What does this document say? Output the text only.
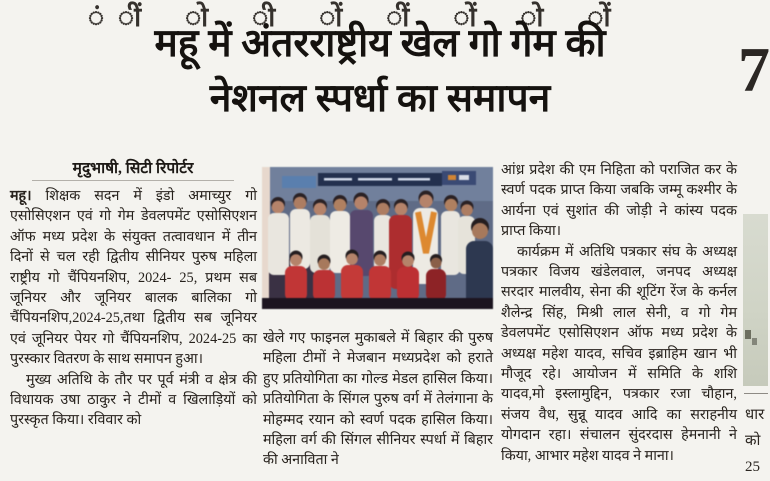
ं ीं ो ी ों ीं ों ो ों
7
महू में अंतरराष्ट्रीय खेल गो गेम की
नेशनल स्पर्धा का समापन
मृदुभाषी, सिटी रिपोर्टर

महू। शिक्षक सदन में इंडो अमाच्युर गो एसोसिएशन एवं गो गेम डेवलपमेंट एसोसिएशन ऑफ मध्य प्रदेश के संयुक्त तत्वावधान में तीन दिनों से चल रही द्वितीय सीनियर पुरुष महिला राष्ट्रीय गो चैंपियनशिप, 2024- 25, प्रथम सब जूनियर और जूनियर बालक बालिका गो चैंपियनशिप,2024-25,तथा द्वितीय सब जूनियर एवं जूनियर पेयर गो चैंपियनशिप, 2024-25 का पुरस्कार वितरण के साथ समापन हुआ।

मुख्य अतिथि के तौर पर पूर्व मंत्री व क्षेत्र की विधायक उषा ठाकुर ने टीमों व खिलाड़ियों को पुरस्कृत किया। रविवार को

खेले गए फाइनल मुकाबले में बिहार की पुरुष महिला टीमों ने मेजबान मध्यप्रदेश को हराते हुए प्रतियोगिता का गोल्ड मेडल हासिल किया। प्रतियोगिता के सिंगल पुरुष वर्ग में तेलंगाना के मोहम्मद रयान को स्वर्ण पदक हासिल किया। महिला वर्ग की सिंगल सीनियर स्पर्धा में बिहार की अनाविता ने

आंध्र प्रदेश की एम निहिता को पराजित कर के स्वर्ण पदक प्राप्त किया जबकि जम्मू कश्मीर के आर्यना एवं सुशांत की जोड़ी ने कांस्य पदक प्राप्त किया।

कार्यक्रम में अतिथि पत्रकार संघ के अध्यक्ष पत्रकार विजय खंडेलवाल, जनपद अध्यक्ष सरदार मालवीय, सेना की शूटिंग रेंज के कर्नल शैलेन्द्र सिंह, मिश्री लाल सेनी, व गो गेम डेवलपमेंट एसोसिएशन ऑफ मध्य प्रदेश के अध्यक्ष महेश यादव, सचिव इब्राहिम खान भी मौजूद रहे। आयोजन में समिति के शशि यादव,मो इस्लामुद्दिन, पत्रकार रजा चौहान, संजय वैध, सुन्नू यादव आदि का सराहनीय योगदान रहा। संचालन सुंदरदास हेमनानी ने किया, आभार महेश यादव ने माना।

धार
को
25
